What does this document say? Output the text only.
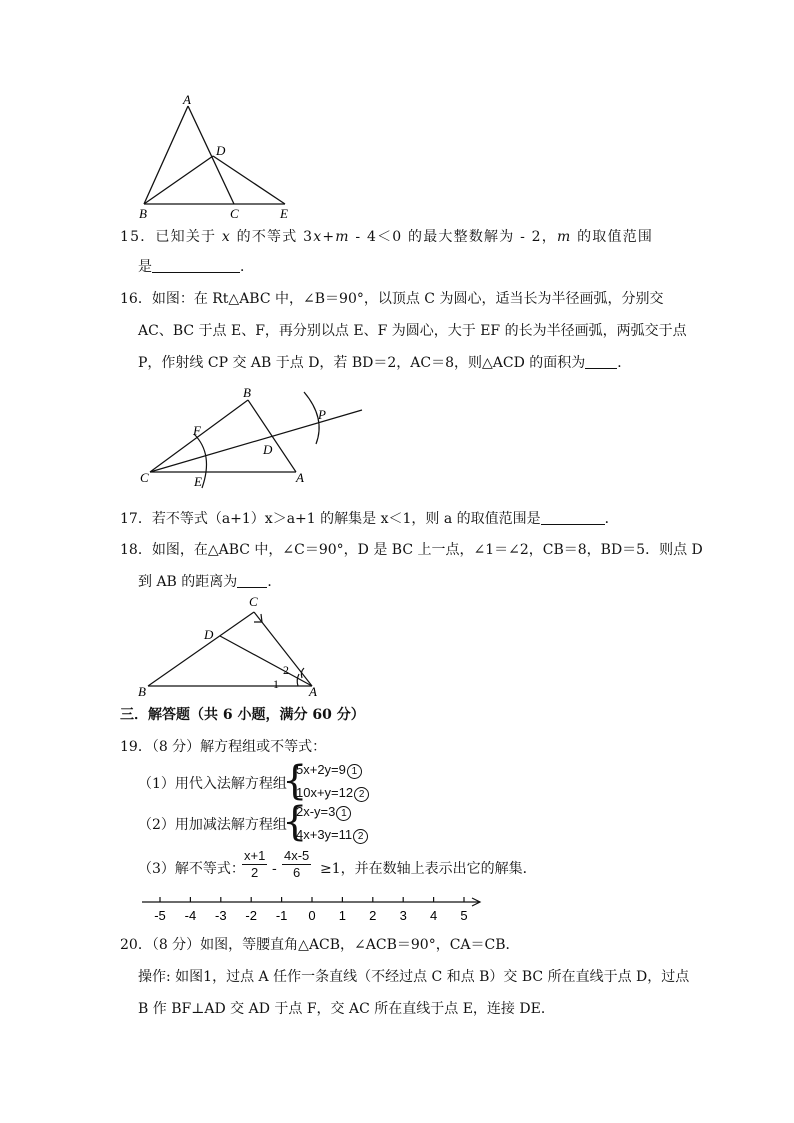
A
D
B	C	E
15．已知关于 x 的不等式 3x+m - 4＜0 的最大整数解为 - 2，m 的取值范围
是	．
16．如图：在 Rt△ABC 中，∠B＝90°，以顶点 C 为圆心，适当长为半径画弧，分别交
AC、BC 于点 E、F，再分别以点 E、F 为圆心，大于 EF 的长为半径画弧，两弧交于点
P，作射线 CP 交 AB 于点 D，若 BD＝2，AC＝8，则△ACD 的面积为 ．
B
F
P
D
C	E	A
17．若不等式（a+1）x＞a+1 的解集是 x＜1，则 a 的取值范围是	．
18．如图，在△ABC 中，∠C＝90°，D 是 BC 上一点，∠1＝∠2，CB＝8，BD＝5．则点 D
到 AB 的距离为 ．
C
D
B	A
2
1
三．解答题（共 6 小题，满分 60 分）
19．（8 分）解方程组或不等式：
（1）用代入法解方程组
{
5x+2y=9 1
10x+y=12 2
（2）用加减法解方程组
{
2x-y=3 1
4x+3y=11 2
（3）解不等式：
$\frac{x+1}{2} - \frac{4x-5}{6} \ge 1$，并在数轴上表示出它的解集．
-5 -4 -3 -2 -1 0 1 2 3 4 5
20．（8 分）如图，等腰直角△ACB，∠ACB＝90°，CA＝CB．
操作: 如图1，过点 A 任作一条直线（不经过点 C 和点 B）交 BC 所在直线于点 D，过点
B 作 BF⊥AD 交 AD 于点 F，交 AC 所在直线于点 E，连接 DE．
